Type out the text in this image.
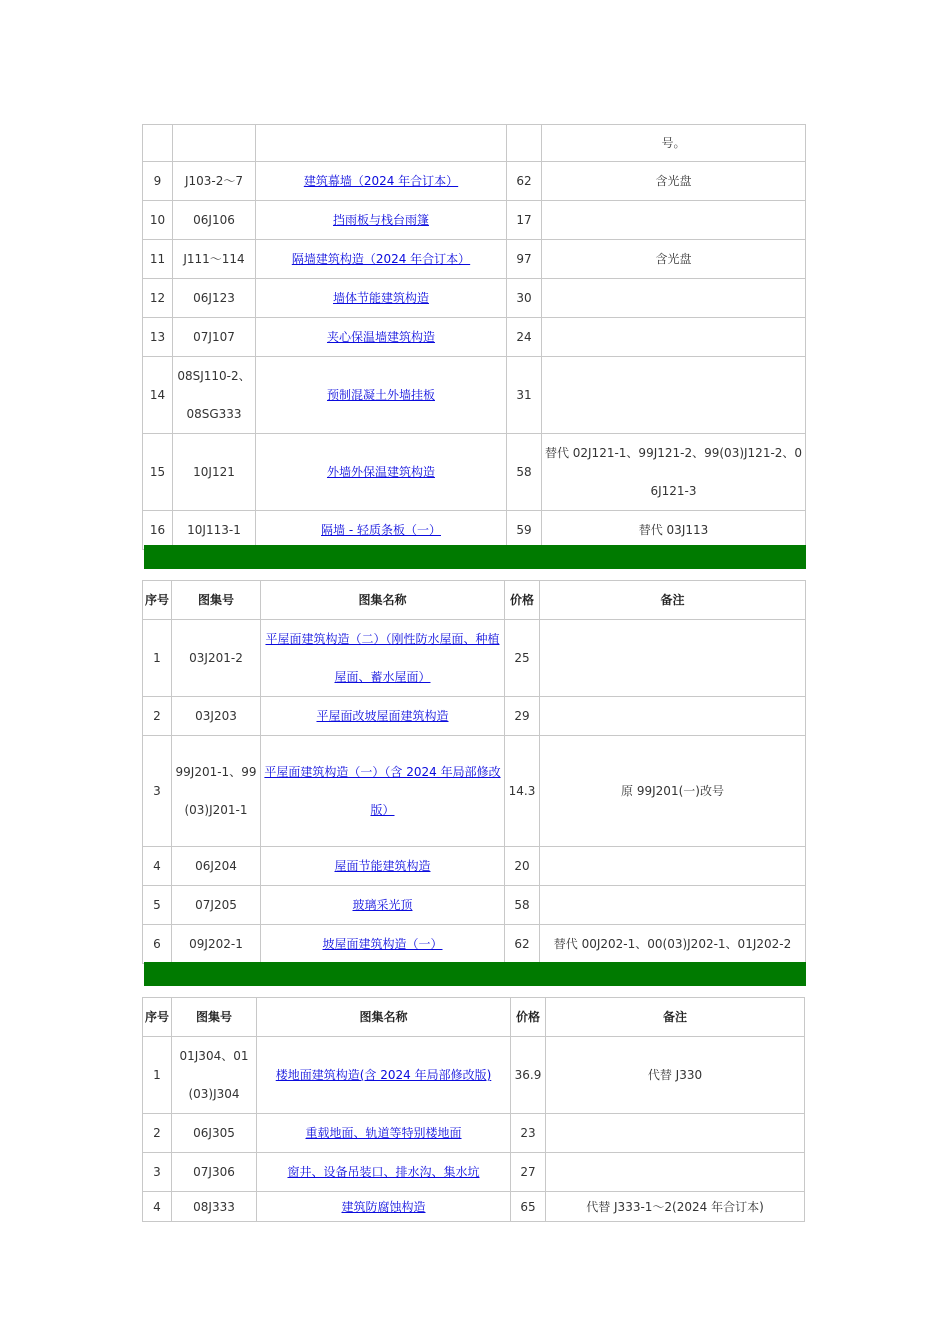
				号。
9	J103-2～7	建筑幕墙（2024 年合订本）	62	含光盘
10	06J106	挡雨板与栈台雨篷	17	
11	J111～114	隔墙建筑构造（2024 年合订本）	97	含光盘
12	06J123	墙体节能建筑构造	30	
13	07J107	夹心保温墙建筑构造	24	
14	08SJ110-2、08SG333	预制混凝土外墙挂板	31	
15	10J121	外墙外保温建筑构造	58	替代 02J121-1、99J121-2、99(03)J121-2、06J121-3
16	10J113-1	隔墙 - 轻质条板（一）	59	替代 03J113
序号	图集号	图集名称	价格	备注
1	03J201-2	平屋面建筑构造（二）（刚性防水屋面、种植屋面、蓄水屋面）	25	
2	03J203	平屋面改坡屋面建筑构造	29	
3	99J201-1、99(03)J201-1	平屋面建筑构造（一）（含 2024 年局部修改版）	14.3	原 99J201(一)改号
4	06J204	屋面节能建筑构造	20	
5	07J205	玻璃采光顶	58	
6	09J202-1	坡屋面建筑构造（一）	62	替代 00J202-1、00(03)J202-1、01J202-2
序号	图集号	图集名称	价格	备注
1	01J304、01(03)J304	楼地面建筑构造(含 2024 年局部修改版)	36.9	代替 J330
2	06J305	重载地面、轨道等特别楼地面	23	
3	07J306	窗井、设备吊装口、排水沟、集水坑	27	
4	08J333	建筑防腐蚀构造	65	代替 J333-1～2(2024 年合订本)
